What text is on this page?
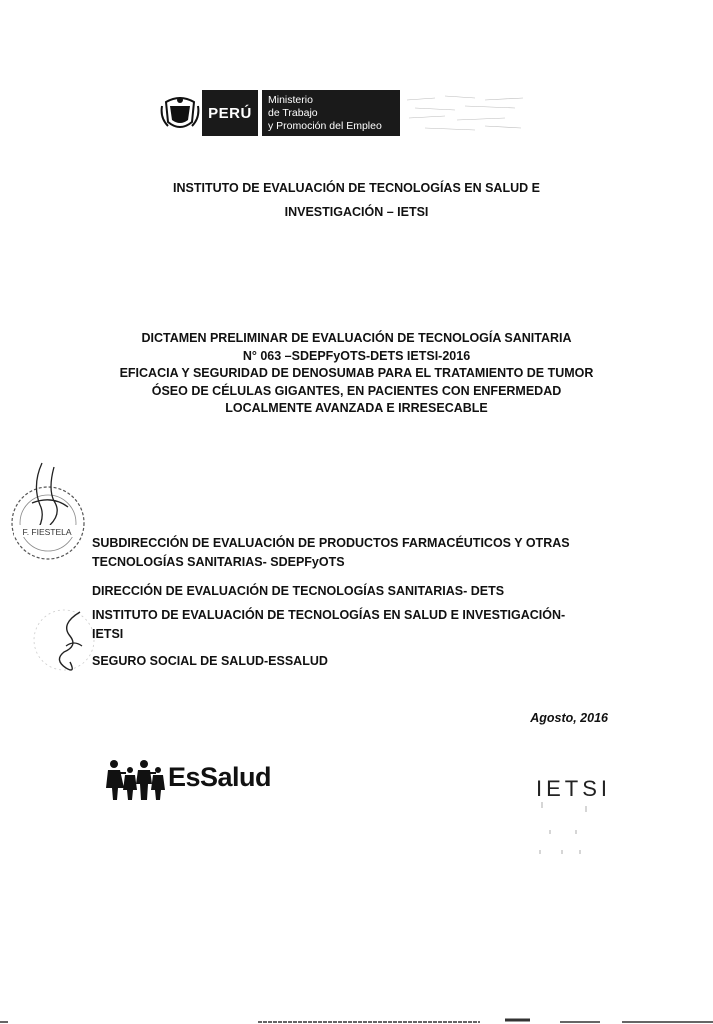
PERÚ
Ministerio
de Trabajo
y Promoción del Empleo
INSTITUTO DE EVALUACIÓN DE TECNOLOGÍAS EN SALUD E
INVESTIGACIÓN – IETSI
DICTAMEN PRELIMINAR DE EVALUACIÓN DE TECNOLOGÍA SANITARIA
N° 063 –SDEPFyOTS-DETS IETSI-2016
EFICACIA Y SEGURIDAD DE DENOSUMAB PARA EL TRATAMIENTO DE TUMOR
ÓSEO DE CÉLULAS GIGANTES, EN PACIENTES CON ENFERMEDAD
LOCALMENTE AVANZADA E IRRESECABLE
F. FIESTELA
SUBDIRECCIÓN DE EVALUACIÓN DE PRODUCTOS FARMACÉUTICOS Y OTRAS
TECNOLOGÍAS SANITARIAS- SDEPFyOTS
DIRECCIÓN DE EVALUACIÓN DE TECNOLOGÍAS SANITARIAS- DETS
INSTITUTO DE EVALUACIÓN DE TECNOLOGÍAS EN SALUD E INVESTIGACIÓN-
IETSI
SEGURO SOCIAL DE SALUD-ESSALUD
Agosto, 2016
EsSalud	IETSI
